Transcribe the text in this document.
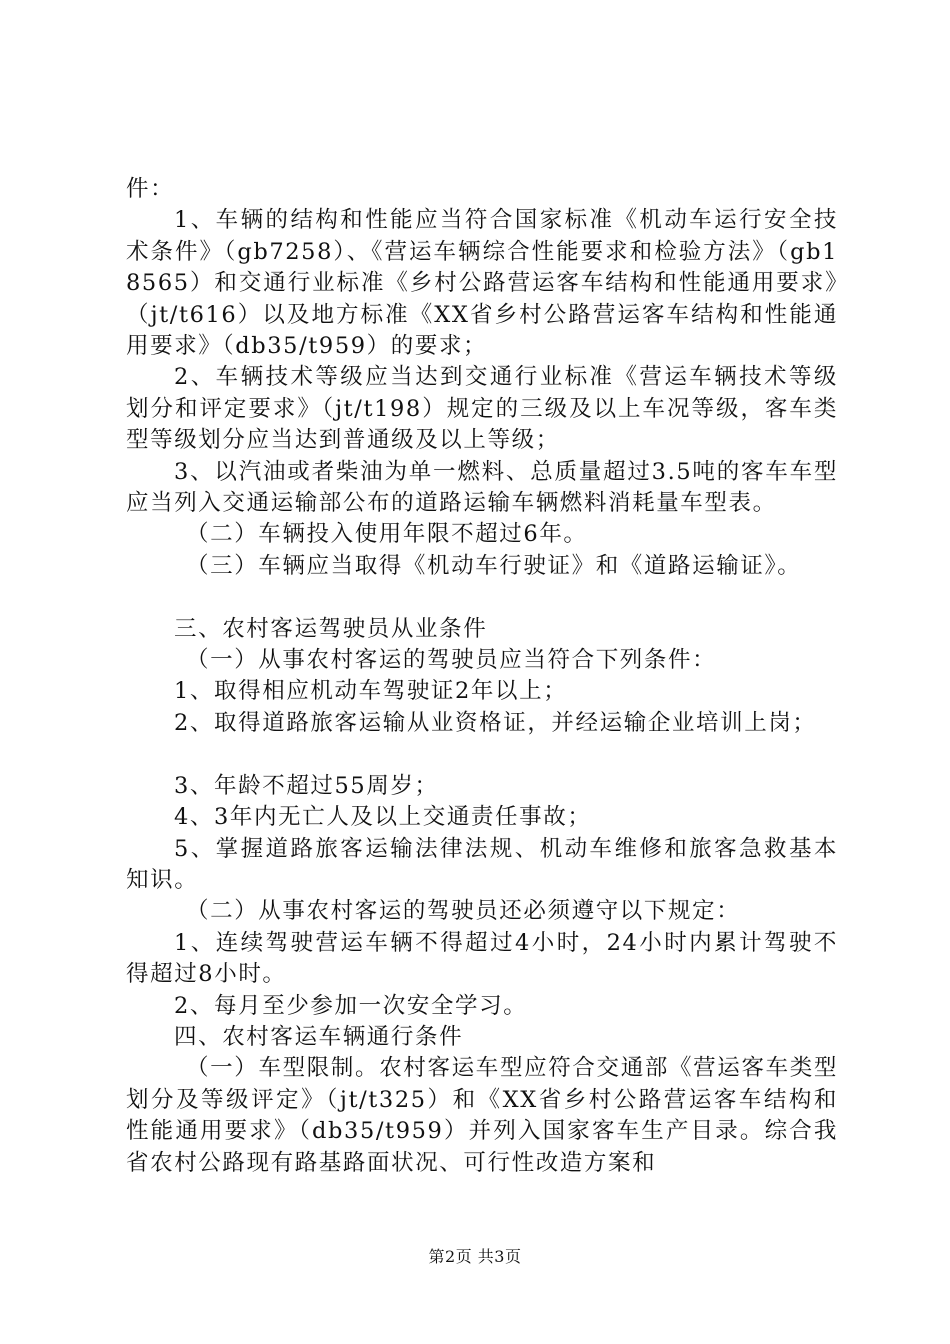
件：

1、车辆的结构和性能应当符合国家标准《机动车运行安全技术条件》（gb7258）、《营运车辆综合性能要求和检验方法》（gb18565）和交通行业标准《乡村公路营运客车结构和性能通用要求》（jt/t616）以及地方标准《XX省乡村公路营运客车结构和性能通用要求》（db35/t959）的要求；

2、车辆技术等级应当达到交通行业标准《营运车辆技术等级划分和评定要求》（jt/t198）规定的三级及以上车况等级，客车类型等级划分应当达到普通级及以上等级；

3、以汽油或者柴油为单一燃料、总质量超过3.5吨的客车车型应当列入交通运输部公布的道路运输车辆燃料消耗量车型表。

（二）车辆投入使用年限不超过6年。

（三）车辆应当取得《机动车行驶证》和《道路运输证》。

三、农村客运驾驶员从业条件

（一）从事农村客运的驾驶员应当符合下列条件：

1、取得相应机动车驾驶证2年以上；

2、取得道路旅客运输从业资格证，并经运输企业培训上岗；

3、年龄不超过55周岁；

4、3年内无亡人及以上交通责任事故；

5、掌握道路旅客运输法律法规、机动车维修和旅客急救基本知识。

（二）从事农村客运的驾驶员还必须遵守以下规定：

1、连续驾驶营运车辆不得超过4小时，24小时内累计驾驶不得超过8小时。

2、每月至少参加一次安全学习。

四、农村客运车辆通行条件

（一）车型限制。农村客运车型应符合交通部《营运客车类型划分及等级评定》（jt/t325）和《XX省乡村公路营运客车结构和性能通用要求》（db35/t959）并列入国家客车生产目录。综合我省农村公路现有路基路面状况、可行性改造方案和

第2页 共3页
